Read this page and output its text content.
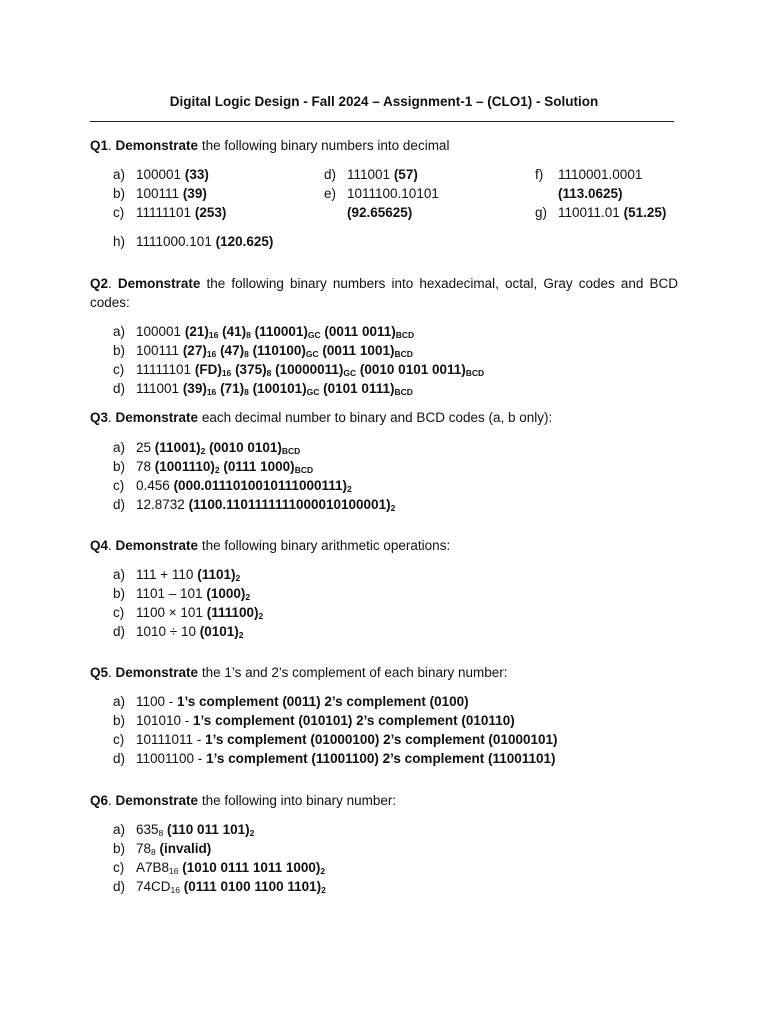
Digital Logic Design - Fall 2024 – Assignment-1 – (CLO1) - Solution
Q1. Demonstrate the following binary numbers into decimal
a) 100001 (33)
b) 100111 (39)
c) 11111101 (253)
d) 111001 (57)
e) 1011100.10101
(92.65625)
f) 1110001.0001
(113.0625)
g) 110011.01 (51.25)
h) 1111000.101 (120.625)
Q2. Demonstrate the following binary numbers into hexadecimal, octal, Gray codes and BCD codes:
a) 100001 $(21)_{16}$ $(41)_8$ $(110001)_{GC}$ (0011 $0011)_{BCD}$
b) 100111 $(27)_{16}$ $(47)_8$ $(110100)_{GC}$ (0011 $1001)_{BCD}$
c) 11111101 $(FD)_{16}$ $(375)_8$ $(10000011)_{GC}$ (0010 0101 $0011)_{BCD}$
d) 111001 $(39)_{16}$ $(71)_8$ $(100101)_{GC}$ (0101 $0111)_{BCD}$
Q3. Demonstrate each decimal number to binary and BCD codes (a, b only):
a) 25 $(11001)_2$ (0010 $0101)_{BCD}$
b) 78 $(1001110)_2$ (0111 $1000)_{BCD}$
c) 0.456 $(000.0111010010111000111)_2$
d) 12.8732 $(1100.1101111111000010100001)_2$
Q4. Demonstrate the following binary arithmetic operations:
a) 111 + 110 $(1101)_2$
b) 1101 – 101 $(1000)_2$
c) 1100 × 101 $(111100)_2$
d) 1010 ÷ 10 $(0101)_2$
Q5. Demonstrate the 1’s and 2’s complement of each binary number:
a) 1100 - 1’s complement (0011) 2’s complement (0100)
b) 101010 - 1’s complement (010101) 2’s complement (010110)
c) 10111011 - 1’s complement (01000100) 2’s complement (01000101)
d) 11001100 - 1’s complement (11001100) 2’s complement (11001101)
Q6. Demonstrate the following into binary number:
a) $635_8$ (110 011 $101)_2$
b) $78_8$ (invalid)
c) $A7B8_{16}$ (1010 0111 1011 $1000)_2$
d) $74CD_{16}$ (0111 0100 1100 $1101)_2$
